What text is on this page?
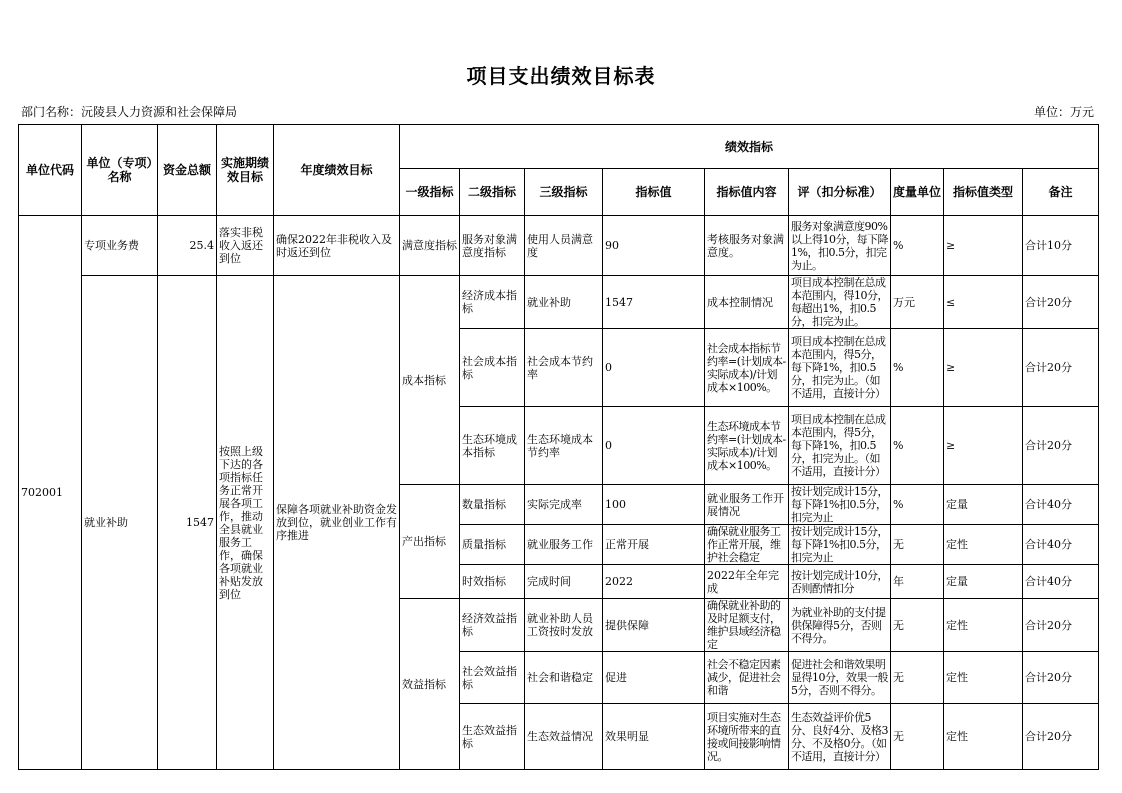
项目支出绩效目标表
部门名称：沅陵县人力资源和社会保障局	单位：万元
单位代码	单位（专项）名称	资金总额	实施期绩效目标	年度绩效目标	绩效指标								
					一级指标	二级指标	三级指标	指标值	指标值内容	评（扣分标准）	度量单位	指标值类型	备注
702001	专项业务费	25.4	落实非税收入返还到位	确保2022年非税收入及时返还到位	满意度指标	服务对象满意度指标	使用人员满意度	90	考核服务对象满意度。	服务对象满意度90%以上得10分，每下降1%，扣0.5分，扣完为止。	%	≥	合计10分
	就业补助	1547	按照上级下达的各项指标任务正常开展各项工作，推动全县就业服务工作，确保各项就业补贴发放到位	保障各项就业补助资金发放到位，就业创业工作有序推进	成本指标	经济成本指标	就业补助	1547	成本控制情况	项目成本控制在总成本范围内，得10分，每超出1%，扣0.5分，扣完为止。	万元	≤	合计20分
						社会成本指标	社会成本节约率	0	社会成本指标节约率=(计划成本-实际成本)/计划成本×100%。	项目成本控制在总成本范围内，得5分，每下降1%，扣0.5分，扣完为止。（如不适用，直接计分）	%	≥	合计20分
						生态环境成本指标	生态环境成本节约率	0	生态环境成本节约率=(计划成本-实际成本)/计划成本×100%。	项目成本控制在总成本范围内，得5分，每下降1%，扣0.5分，扣完为止。（如不适用，直接计分）	%	≥	合计20分
					产出指标	数量指标	实际完成率	100	就业服务工作开展情况	按计划完成计15分，每下降1%扣0.5分，扣完为止	%	定量	合计40分
						质量指标	就业服务工作	正常开展	确保就业服务工作正常开展，维护社会稳定	按计划完成计15分，每下降1%扣0.5分，扣完为止	无	定性	合计40分
						时效指标	完成时间	2022	2022年全年完成	按计划完成计10分，否则酌情扣分	年	定量	合计40分
					效益指标	经济效益指标	就业补助人员工资按时发放	提供保障	确保就业补助的及时足额支付，维护县域经济稳定	为就业补助的支付提供保障得5分，否则不得分。	无	定性	合计20分
						社会效益指标	社会和谐稳定	促进	社会不稳定因素减少，促进社会和谐	促进社会和谐效果明显得10分，效果一般5分，否则不得分。	无	定性	合计20分
						生态效益指标	生态效益情况	效果明显	项目实施对生态环境所带来的直接或间接影响情况。	生态效益评价优5分、良好4分、及格3分、不及格0分。（如不适用，直接计分）	无	定性	合计20分
